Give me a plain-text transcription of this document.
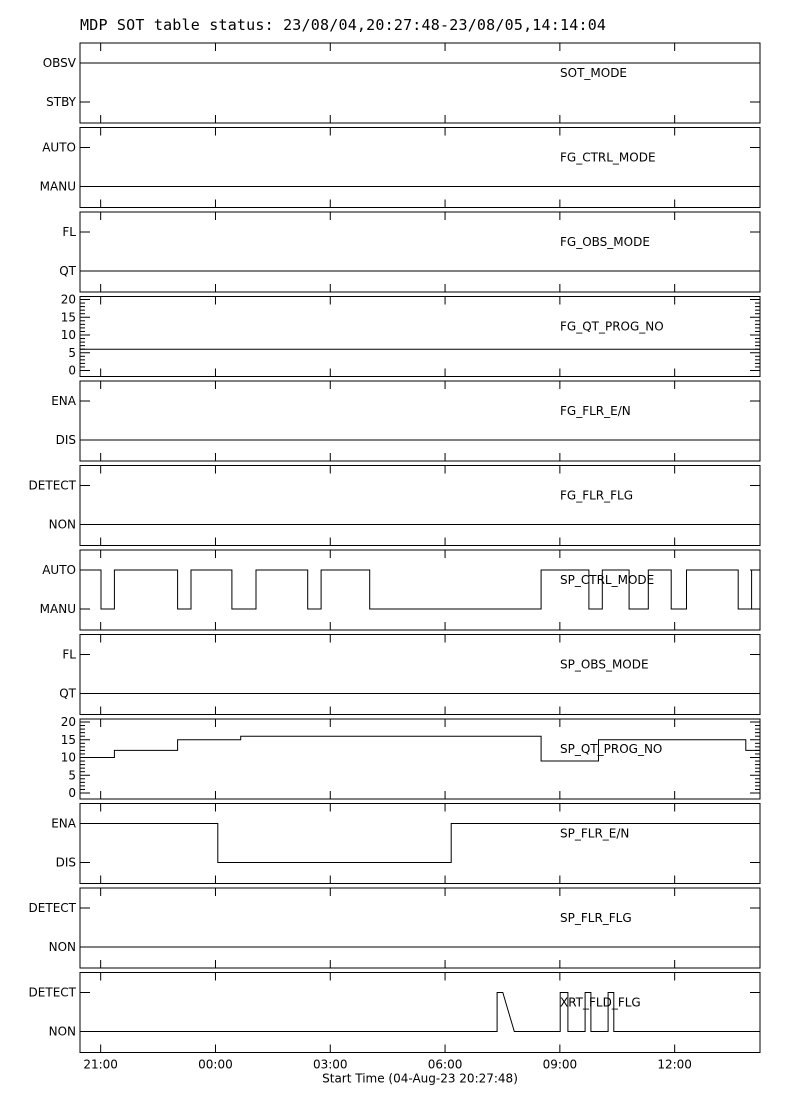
MDP SOT table status: 23/08/04,20:27:48-23/08/05,14:14:04
STBY
OBSV
SOT_MODE
MANU
AUTO
FG_CTRL_MODE
QT
FL
FG_OBS_MODE
0
5
10
15
20
FG_QT_PROG_NO
DIS
ENA
FG_FLR_E/N
NON
DETECT
FG_FLR_FLG
MANU
AUTO
SP_CTRL_MODE
QT
FL
SP_OBS_MODE
0
5
10
15
20
SP_QT_PROG_NO
DIS
ENA
SP_FLR_E/N
NON
DETECT
SP_FLR_FLG
NON
DETECT
XRT_FLD_FLG
21:00	00:00	03:00	06:00	09:00	12:00
Start Time (04-Aug-23 20:27:48)
